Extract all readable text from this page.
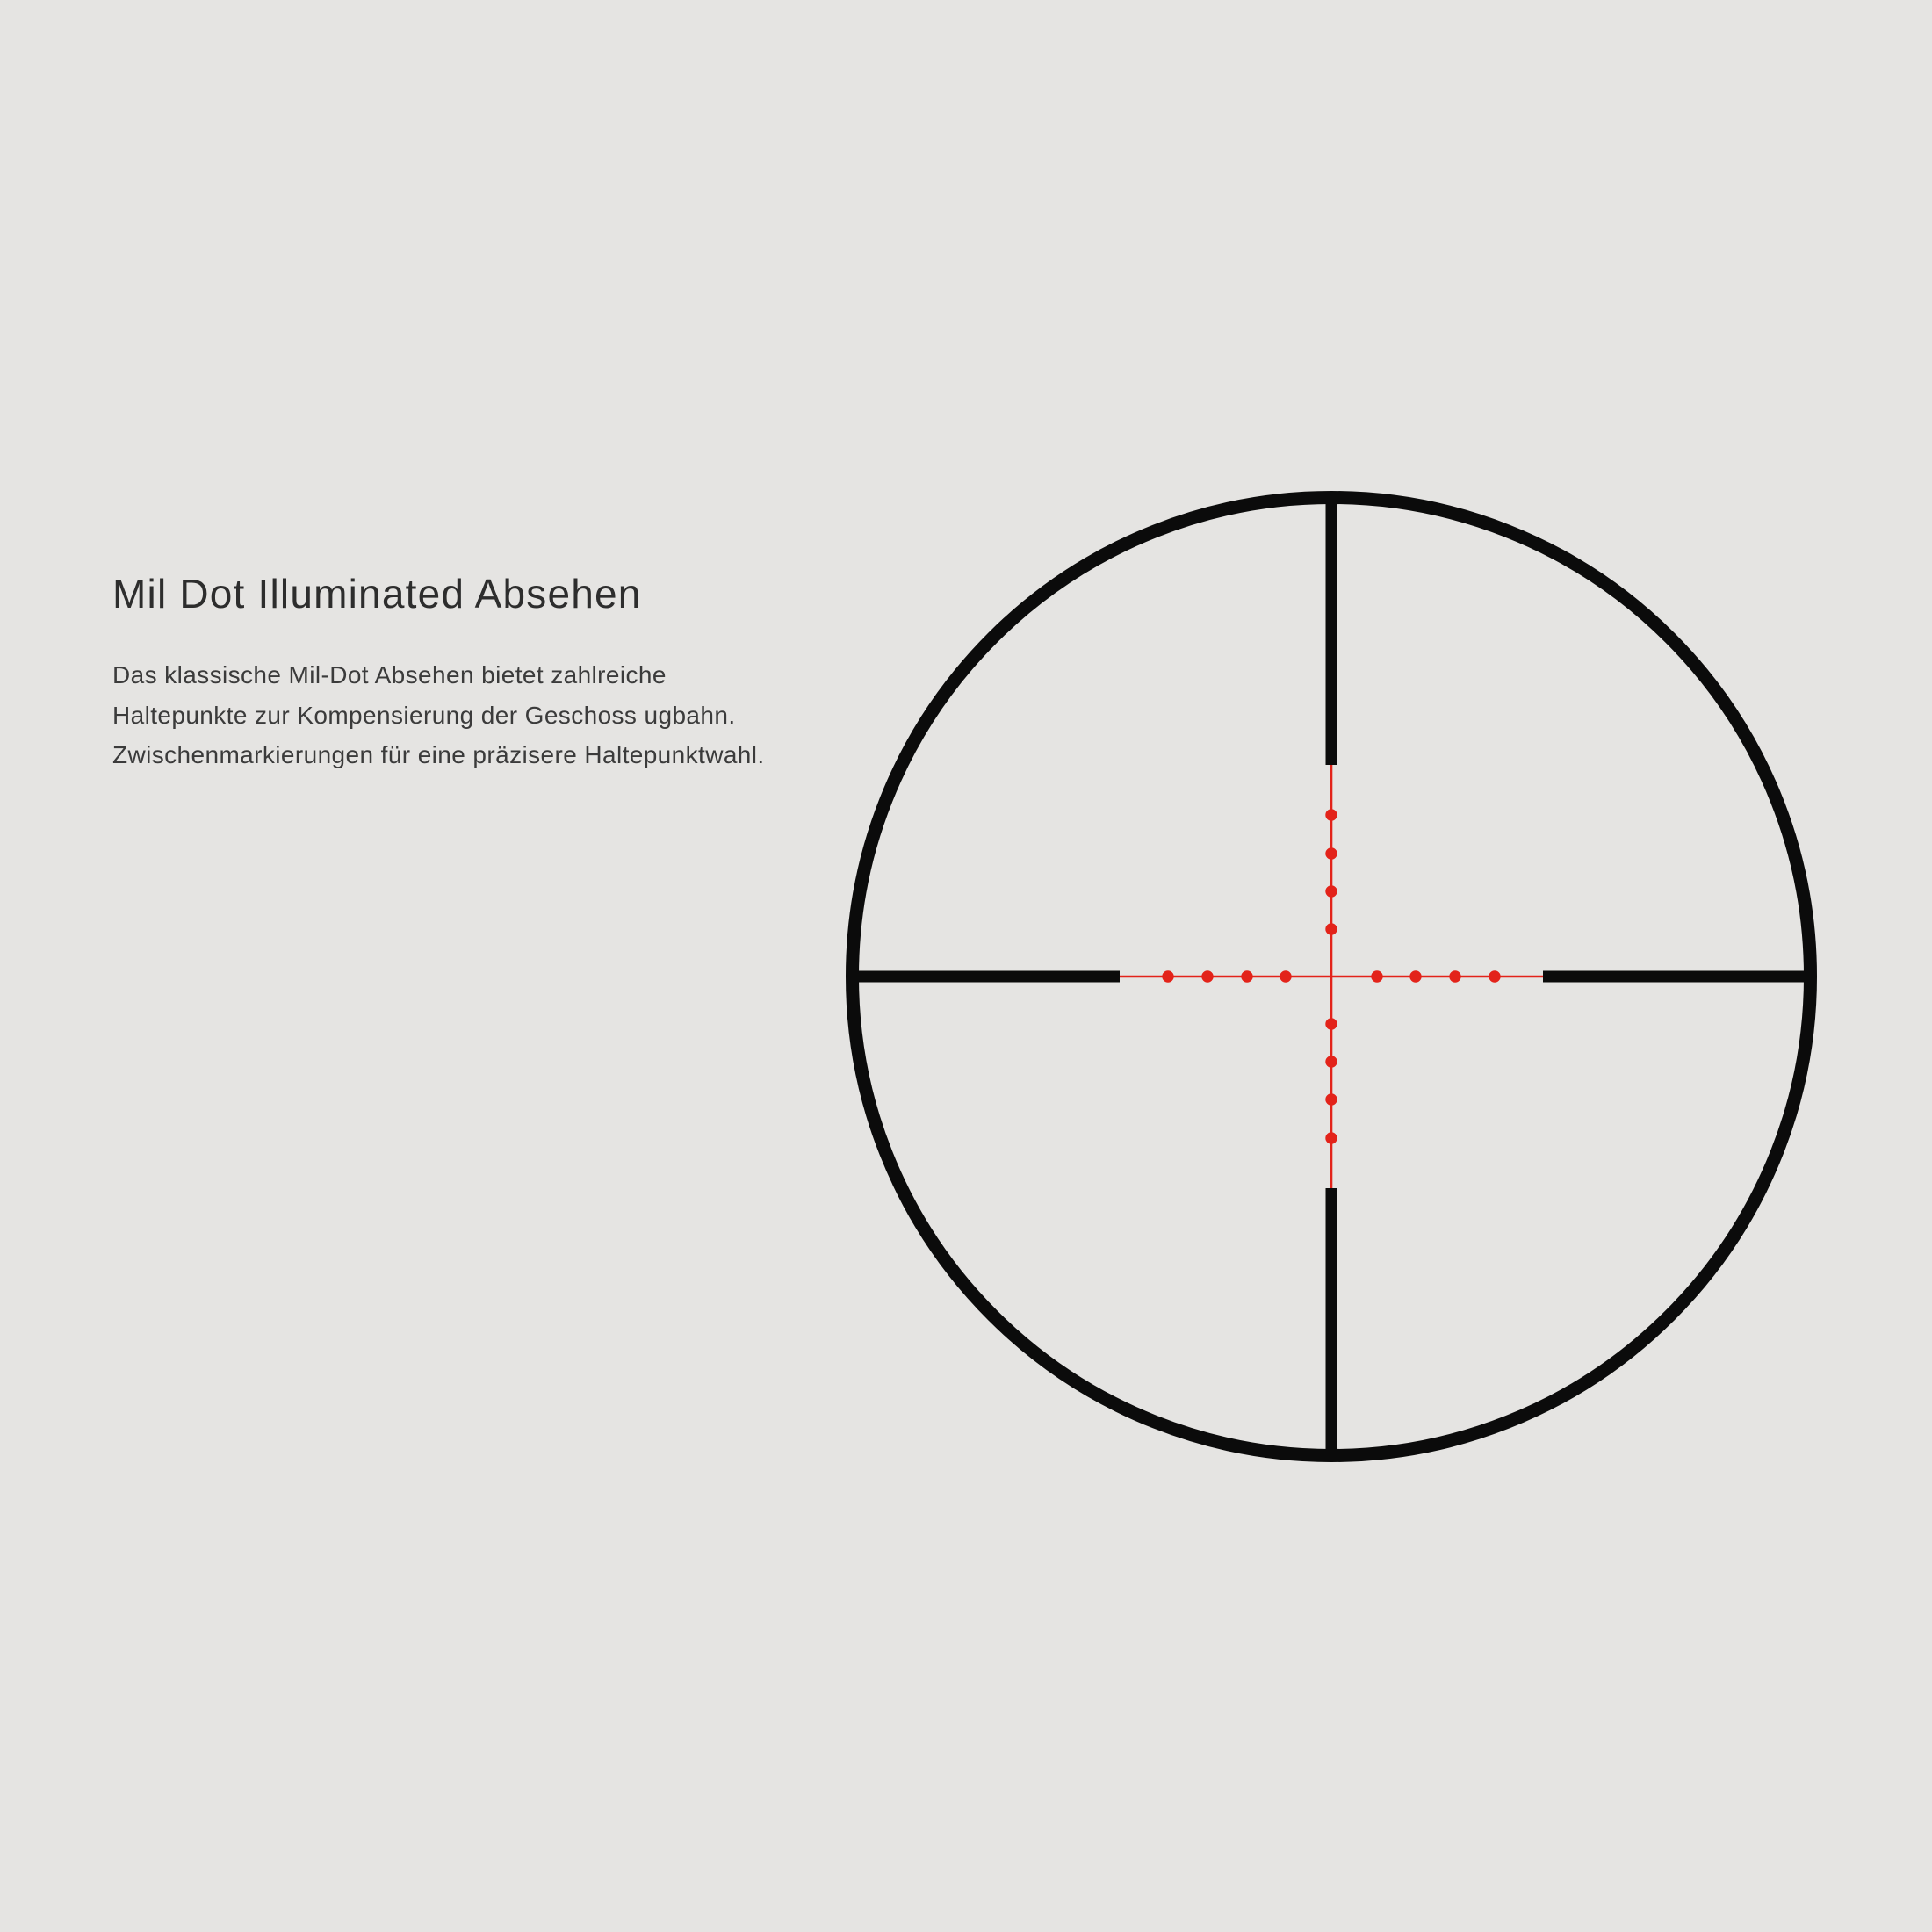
Mil Dot Illuminated Absehen

Das klassische Mil-Dot Absehen bietet zahlreiche
Haltepunkte zur Kompensierung der Geschoss ugbahn.
Zwischenmarkierungen für eine präzisere Haltepunktwahl.
